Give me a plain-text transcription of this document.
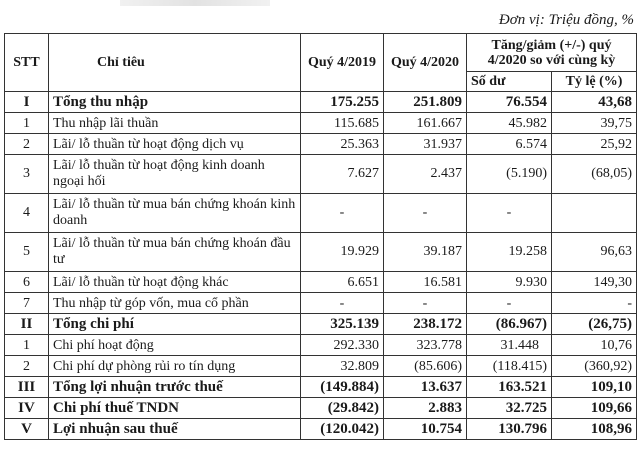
Đơn vị: Triệu đồng, %
STT	Chỉ tiêu	Quý 4/2019	Quý 4/2020	Tăng/giảm (+/-) quý 4/2020 so với cùng kỳ	
				Số dư	Tỷ lệ (%)
I	Tổng thu nhập	175.255	251.809	76.554	43,68
1	Thu nhập lãi thuần	115.685	161.667	45.982	39,75
2	Lãi/ lỗ thuần từ hoạt động dịch vụ	25.363	31.937	6.574	25,92
3	Lãi/ lỗ thuần từ hoạt động kinh doanh ngoại hối	7.627	2.437	(5.190)	(68,05)
4	Lãi/ lỗ thuần từ mua bán chứng khoán kinh doanh	-	-	-	
5	Lãi/ lỗ thuần từ mua bán chứng khoán đầu tư	19.929	39.187	19.258	96,63
6	Lãi/ lỗ thuần từ hoạt động khác	6.651	16.581	9.930	149,30
7	Thu nhập từ góp vốn, mua cổ phần	-	-	-	-
II	Tổng chi phí	325.139	238.172	(86.967)	(26,75)
1	Chi phí hoạt động	292.330	323.778	31.448	10,76
2	Chi phí dự phòng rủi ro tín dụng	32.809	(85.606)	(118.415)	(360,92)
III	Tổng lợi nhuận trước thuế	(149.884)	13.637	163.521	109,10
IV	Chi phí thuế TNDN	(29.842)	2.883	32.725	109,66
V	Lợi nhuận sau thuế	(120.042)	10.754	130.796	108,96
